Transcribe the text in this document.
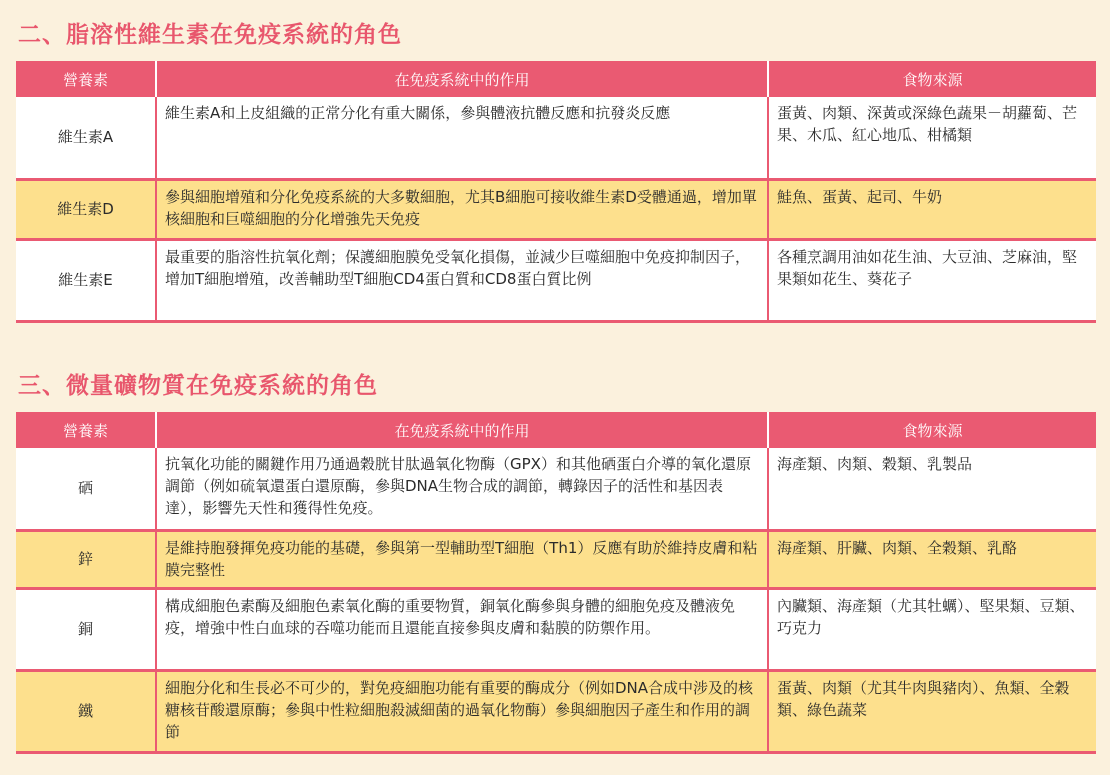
二、脂溶性維生素在免疫系統的角色
營養素	在免疫系統中的作用	食物來源
維生素A	維生素A和上皮組織的正常分化有重大關係，參與體液抗體反應和抗發炎反應	蛋黃、肉類、深黃或深綠色蔬果－胡蘿蔔、芒果、木瓜、紅心地瓜、柑橘類
維生素D	參與細胞增殖和分化免疫系統的大多數細胞，尤其B細胞可接收維生素D受體通過，增加單核細胞和巨噬細胞的分化增強先天免疫	鮭魚、蛋黃、起司、牛奶
維生素E	最重要的脂溶性抗氧化劑；保護細胞膜免受氧化損傷，並減少巨噬細胞中免疫抑制因子，增加T細胞增殖，改善輔助型T細胞CD4蛋白質和CD8蛋白質比例	各種烹調用油如花生油、大豆油、芝麻油，堅果類如花生、葵花子
三、微量礦物質在免疫系統的角色
營養素	在免疫系統中的作用	食物來源
硒	抗氧化功能的關鍵作用乃通過穀胱甘肽過氧化物酶（GPX）和其他硒蛋白介導的氧化還原調節（例如硫氧還蛋白還原酶，參與DNA生物合成的調節，轉錄因子的活性和基因表達），影響先天性和獲得性免疫。	海產類、肉類、穀類、乳製品
鋅	是維持胞發揮免疫功能的基礎，參與第一型輔助型T細胞（Th1）反應有助於維持皮膚和粘膜完整性	海產類、肝臟、肉類、全穀類、乳酪
銅	構成細胞色素酶及細胞色素氧化酶的重要物質，銅氧化酶參與身體的細胞免疫及體液免疫，增強中性白血球的吞噬功能而且還能直接參與皮膚和黏膜的防禦作用。	內臟類、海產類（尤其牡蠣）、堅果類、豆類、巧克力
鐵	細胞分化和生長必不可少的，對免疫細胞功能有重要的酶成分（例如DNA合成中涉及的核糖核苷酸還原酶；參與中性粒細胞殺滅細菌的過氧化物酶）參與細胞因子產生和作用的調節	蛋黃、肉類（尤其牛肉與豬肉）、魚類、全穀類、綠色蔬菜
